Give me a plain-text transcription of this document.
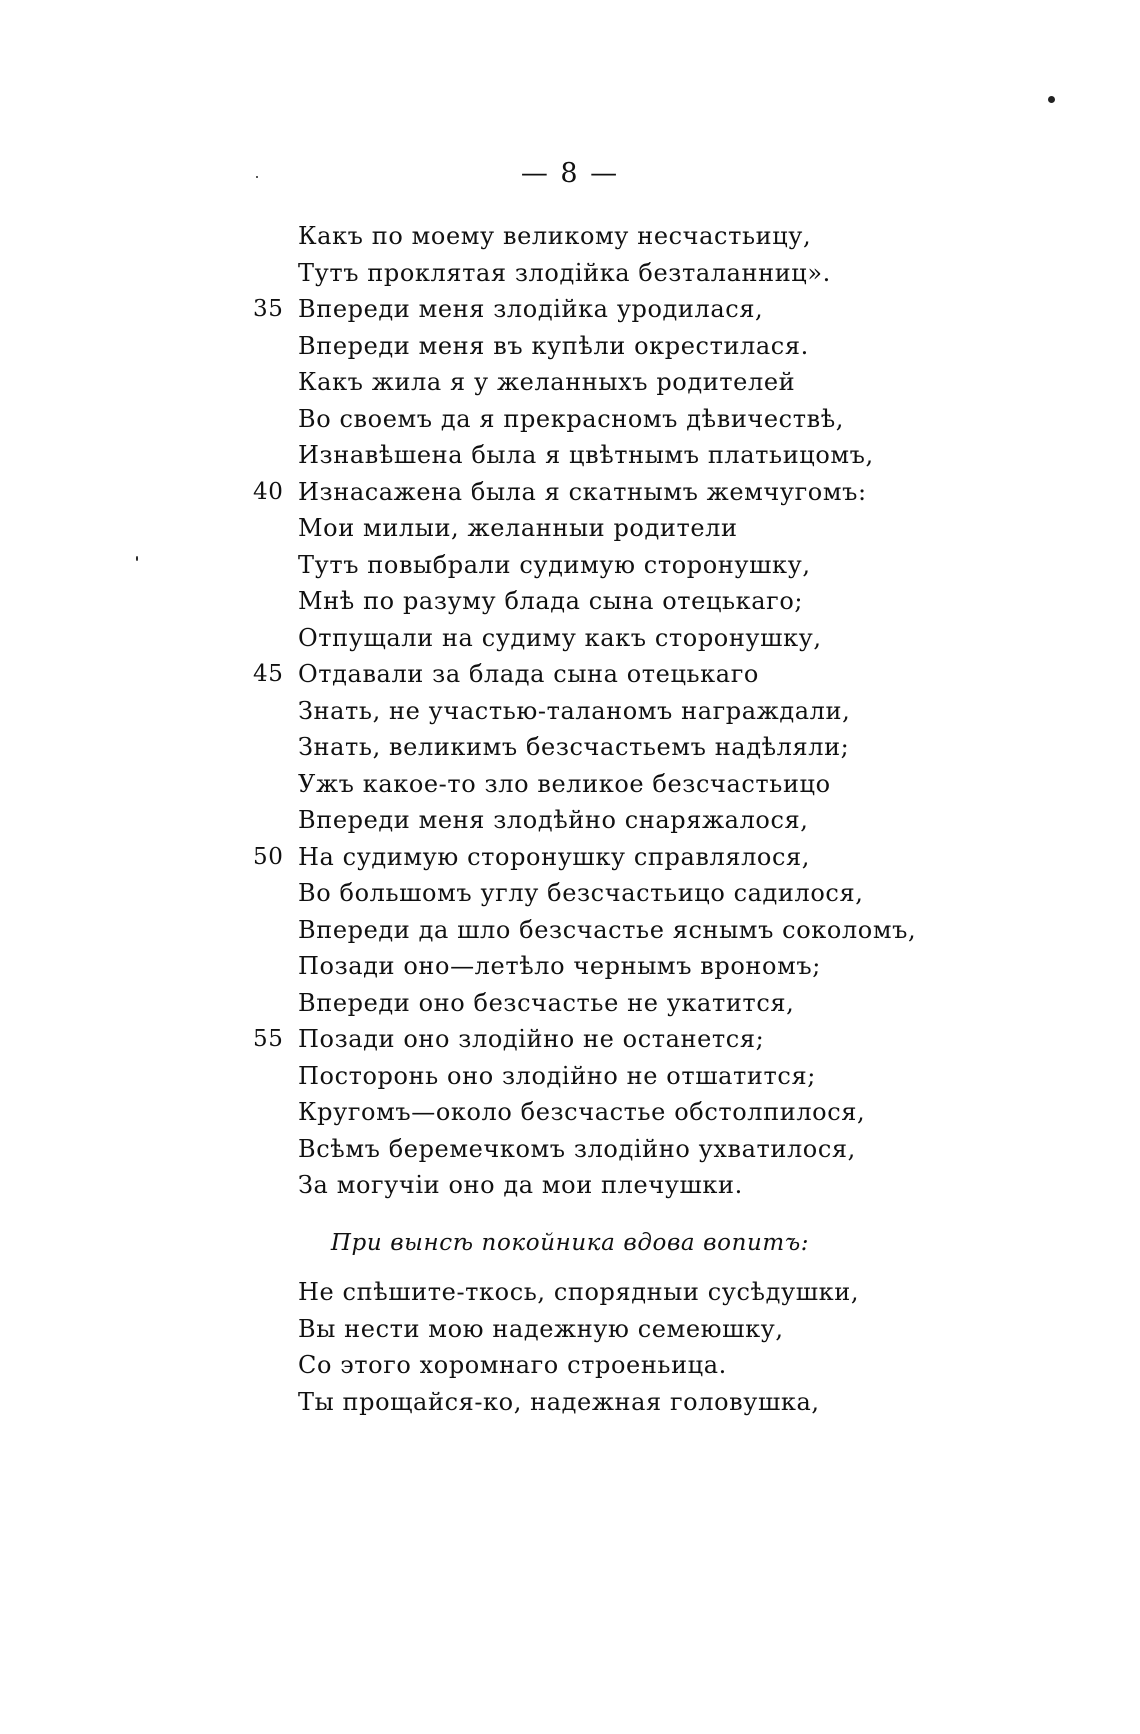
— 8 —
Какъ по моему великому несчастьицу,
Тутъ проклятая злодійка безталанниц».
35 Впереди меня злодійка уродилася,
Впереди меня въ купѣли окрестилася.
Какъ жила я у желанныхъ родителей
Во своемъ да я прекрасномъ дѣвичествѣ,
Изнавѣшена была я цвѣтнымъ платьицомъ,
40 Изнасажена была я скатнымъ жемчугомъ:
Мои милыи, желанныи родители
Тутъ повыбрали судимую сторонушку,
Мнѣ по разуму блада сына отецькаго;
Отпущали на судиму какъ сторонушку,
45 Отдавали за блада сына отецькаго
Знать, не участью-таланомъ награждали,
Знать, великимъ безсчастьемъ надѣляли;
Ужъ какое-то зло великое безсчастьицо
Впереди меня злодѣйно снаряжалося,
50 На судимую сторонушку справлялося,
Во большомъ углу безсчастьицо садилося,
Впереди да шло безсчастье яснымъ соколомъ,
Позади оно—летѣло чернымъ врономъ;
Впереди оно безсчастье не укатится,
55 Позади оно злодійно не останется;
Посторонь оно злодійно не отшатится;
Кругомъ—около безсчастье обстолпилося,
Всѣмъ беремечкомъ злодійно ухватилося,
За могучіи оно да мои плечушки.
При вынсѣ покойника вдова вопитъ:
Не спѣшите-ткось, спорядныи сусѣдушки,
Вы нести мою надежную семеюшку,
Со этого хоромнаго строеньица.
Ты прощайся-ко, надежная головушка,
